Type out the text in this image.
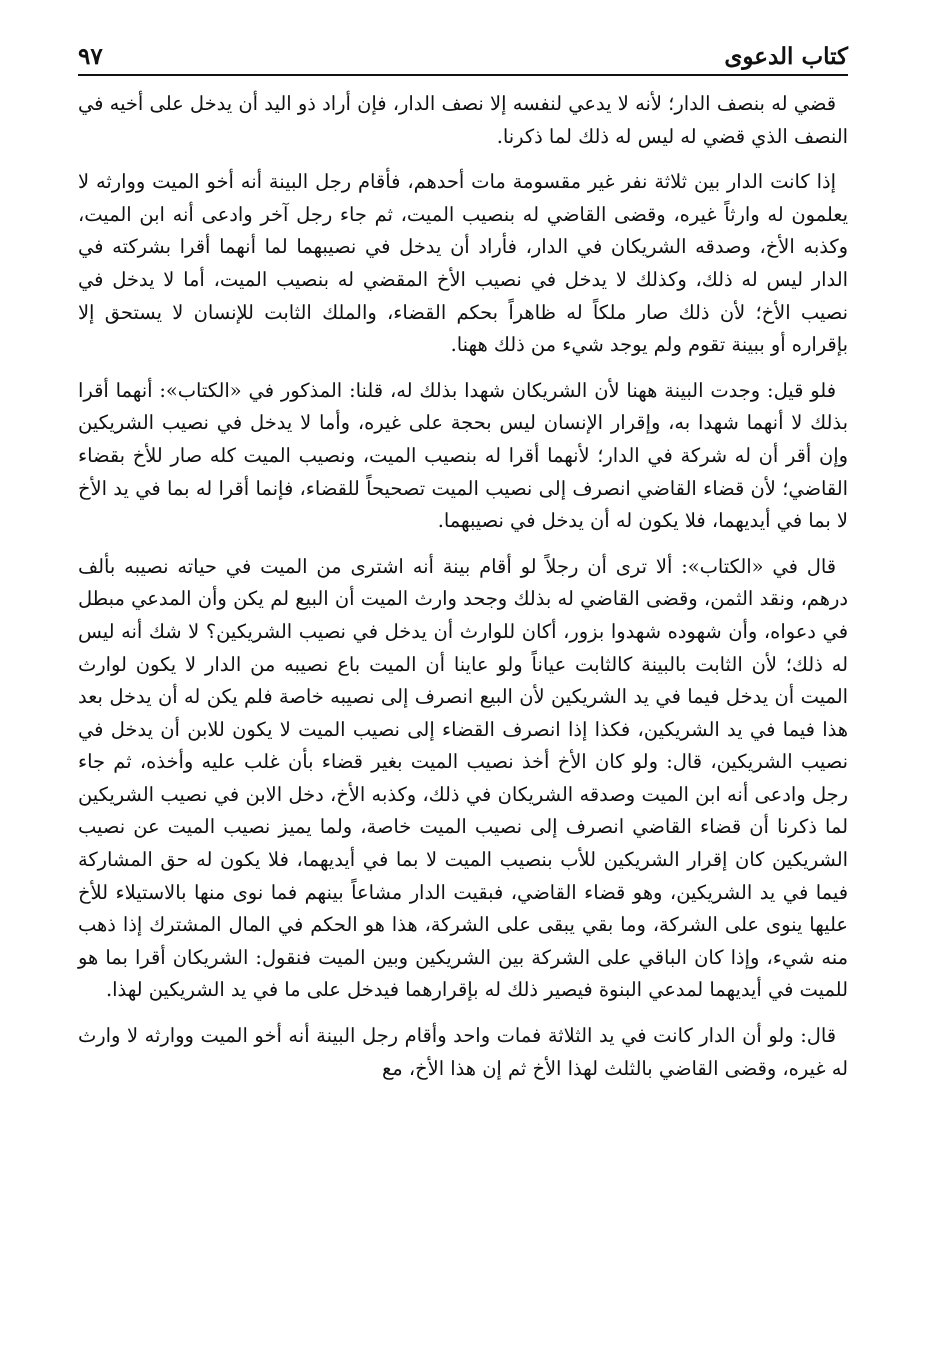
٩٧	كتاب الدعوى

قضي له بنصف الدار؛ لأنه لا يدعي لنفسه إلا نصف الدار، فإن أراد ذو اليد أن يدخل على أخيه في النصف الذي قضي له ليس له ذلك لما ذكرنا.

إذا كانت الدار بين ثلاثة نفر غير مقسومة مات أحدهم، فأقام رجل البينة أنه أخو الميت ووارثه لا يعلمون له وارثاً غيره، وقضى القاضي له بنصيب الميت، ثم جاء رجل آخر وادعى أنه ابن الميت، وكذبه الأخ، وصدقه الشريكان في الدار، فأراد أن يدخل في نصيبهما لما أنهما أقرا بشركته في الدار ليس له ذلك، وكذلك لا يدخل في نصيب الأخ المقضي له بنصيب الميت، أما لا يدخل في نصيب الأخ؛ لأن ذلك صار ملكاً له ظاهراً بحكم القضاء، والملك الثابت للإنسان لا يستحق إلا بإقراره أو ببينة تقوم ولم يوجد شيء من ذلك ههنا.

فلو قيل: وجدت البينة ههنا لأن الشريكان شهدا بذلك له، قلنا: المذكور في «الكتاب»: أنهما أقرا بذلك لا أنهما شهدا به، وإقرار الإنسان ليس بحجة على غيره، وأما لا يدخل في نصيب الشريكين وإن أقر أن له شركة في الدار؛ لأنهما أقرا له بنصيب الميت، ونصيب الميت كله صار للأخ بقضاء القاضي؛ لأن قضاء القاضي انصرف إلى نصيب الميت تصحيحاً للقضاء، فإنما أقرا له بما في يد الأخ لا بما في أيديهما، فلا يكون له أن يدخل في نصيبهما.

قال في «الكتاب»: ألا ترى أن رجلاً لو أقام بينة أنه اشترى من الميت في حياته نصيبه بألف درهم، ونقد الثمن، وقضى القاضي له بذلك وجحد وارث الميت أن البيع لم يكن وأن المدعي مبطل في دعواه، وأن شهوده شهدوا بزور، أكان للوارث أن يدخل في نصيب الشريكين؟ لا شك أنه ليس له ذلك؛ لأن الثابت بالبينة كالثابت عياناً ولو عاينا أن الميت باع نصيبه من الدار لا يكون لوارث الميت أن يدخل فيما في يد الشريكين لأن البيع انصرف إلى نصيبه خاصة فلم يكن له أن يدخل بعد هذا فيما في يد الشريكين، فكذا إذا انصرف القضاء إلى نصيب الميت لا يكون للابن أن يدخل في نصيب الشريكين، قال: ولو كان الأخ أخذ نصيب الميت بغير قضاء بأن غلب عليه وأخذه، ثم جاء رجل وادعى أنه ابن الميت وصدقه الشريكان في ذلك، وكذبه الأخ، دخل الابن في نصيب الشريكين لما ذكرنا أن قضاء القاضي انصرف إلى نصيب الميت خاصة، ولما يميز نصيب الميت عن نصيب الشريكين كان إقرار الشريكين للأب بنصيب الميت لا بما في أيديهما، فلا يكون له حق المشاركة فيما في يد الشريكين، وهو قضاء القاضي، فبقيت الدار مشاعاً بينهم فما نوى منها بالاستيلاء للأخ عليها ينوى على الشركة، وما بقي يبقى على الشركة، هذا هو الحكم في المال المشترك إذا ذهب منه شيء، وإذا كان الباقي على الشركة بين الشريكين وبين الميت فنقول: الشريكان أقرا بما هو للميت في أيديهما لمدعي البنوة فيصير ذلك له بإقرارهما فيدخل على ما في يد الشريكين لهذا.

قال: ولو أن الدار كانت في يد الثلاثة فمات واحد وأقام رجل البينة أنه أخو الميت ووارثه لا وارث له غيره، وقضى القاضي بالثلث لهذا الأخ ثم إن هذا الأخ، مع
